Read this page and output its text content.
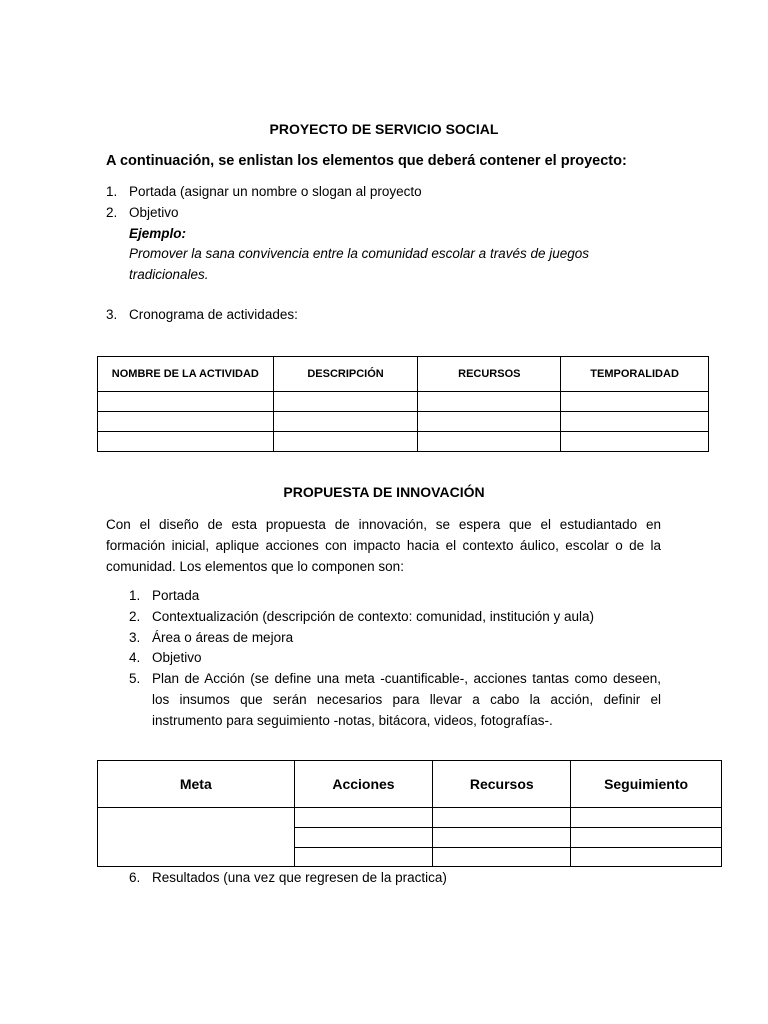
PROYECTO DE SERVICIO SOCIAL
A continuación, se enlistan los elementos que deberá contener el proyecto:
1. Portada (asignar un nombre o slogan al proyecto
2. Objetivo
Ejemplo:
Promover la sana convivencia entre la comunidad escolar a través de juegos
tradicionales.
3. Cronograma de actividades:
NOMBRE DE LA ACTIVIDAD	DESCRIPCIÓN	RECURSOS	TEMPORALIDAD

PROPUESTA DE INNOVACIÓN
Con el diseño de esta propuesta de innovación, se espera que el estudiantado en
formación inicial, aplique acciones con impacto hacia el contexto áulico, escolar o de la
comunidad. Los elementos que lo componen son:
1. Portada
2. Contextualización (descripción de contexto: comunidad, institución y aula)
3. Área o áreas de mejora
4. Objetivo
5. Plan de Acción (se define una meta -cuantificable-, acciones tantas como deseen,
los insumos que serán necesarios para llevar a cabo la acción, definir el
instrumento para seguimiento -notas, bitácora, videos, fotografías-.
Meta	Acciones	Recursos	Seguimiento

6. Resultados (una vez que regresen de la practica)
